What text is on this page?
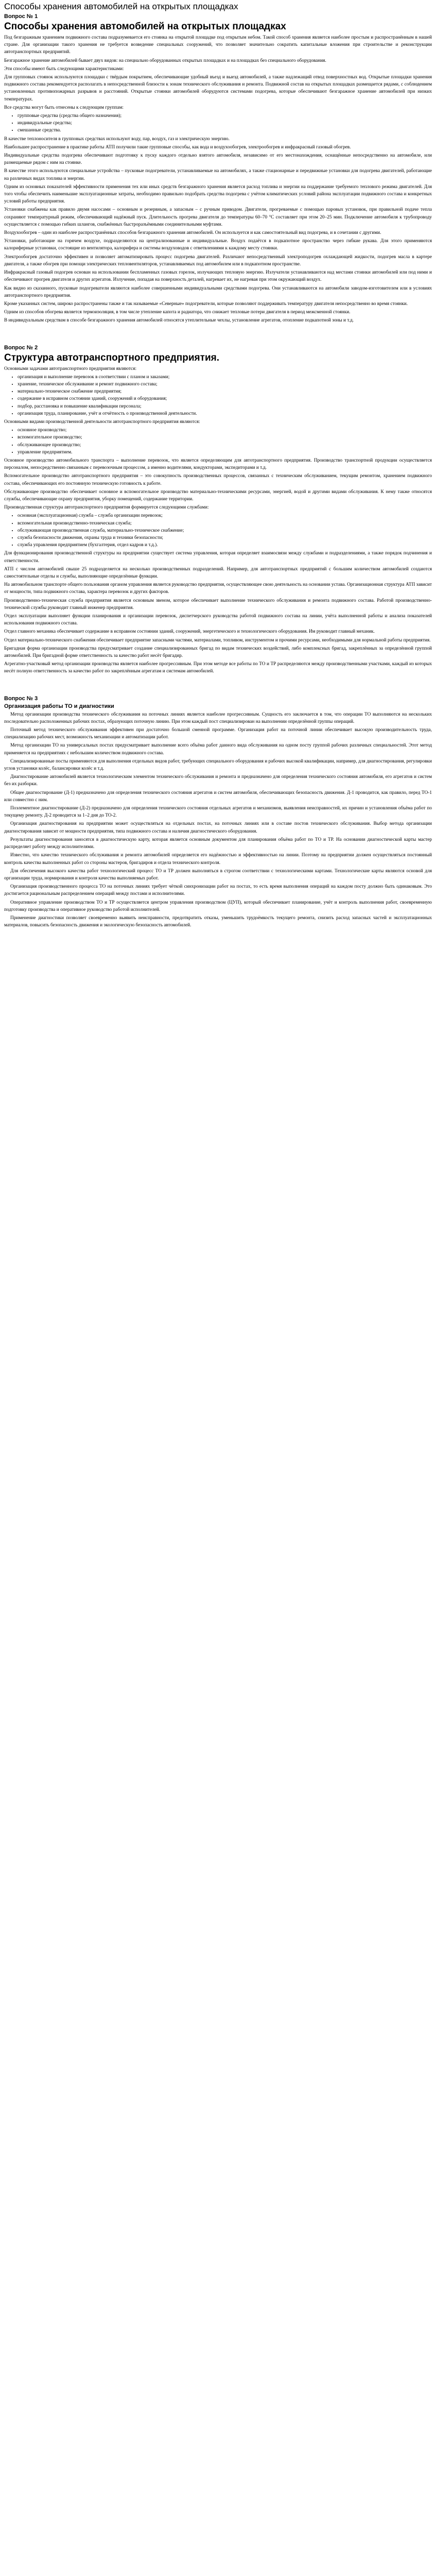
Способы хранения автомобилей на открытых площадках
Вопрос № 1
Способы хранения автомобилей на открытых площадках

Под безгаражным хранением подвижного состава подразумевается его стоянка на открытой площадке под открытым небом. Такой способ хранения является наиболее простым и распространённым в нашей стране. Для организации такого хранения не требуется возведение специальных сооружений, что позволяет значительно сократить капитальные вложения при строительстве и реконструкции автотранспортных предприятий.

Безгаражное хранение автомобилей бывает двух видов: на специально оборудованных открытых площадках и на площадках без специального оборудования.

Эти способы имеют быть следующими характеристиками:

Для групповых стоянок используются площадки с твёрдым покрытием, обеспечивающие удобный въезд и выезд автомобилей, а также надлежащий отвод поверхностных вод. Открытые площадки хранения подвижного состава рекомендуется располагать в непосредственной близости к зонам технического обслуживания и ремонта. Подвижной состав на открытых площадках размещается рядами, с соблюдением установленных противопожарных разрывов и расстояний. Открытые стоянки автомобилей оборудуются системами подогрева, которые обеспечивают безгаражное хранение автомобилей при низких температурах.

Все средства могут быть отнесены к следующим группам:

• групповые средства (средства общего назначения);
• индивидуальные средства;
• смешанные средства.

В качестве теплоносителя в групповых средствах используют воду, пар, воздух, газ и электрическую энергию.

Наибольшее распространение в практике работы АТП получили такие групповые способы, как вода и воздухообогрев, электрообогрев и инфракрасный газовый обогрев.

Индивидуальные средства подогрева обеспечивают подготовку к пуску каждого отдельно взятого автомобиля, независимо от его местонахождения, оснащённые непосредственно на автомобиле, или размещаемые рядом с ним на стоянке.

В качестве этого используются специальные устройства – пусковые подогреватели, устанавливаемые на автомобилях, а также стационарные и передвижные установки для подогрева двигателей, работающие на различных видах топлива и энергии.

Одним из основных показателей эффективности применения тех или иных средств безгаражного хранения является расход топлива и энергии на поддержание требуемого теплового режима двигателей. Для того чтобы обеспечить наименьшие эксплуатационные затраты, необходимо правильно подобрать средства подогрева с учётом климатических условий района эксплуатации подвижного состава и конкретных условий работы предприятия.

Установки снабжены как правило двумя насосами – основным и резервным, а запасным – с ручным приводом. Двигатели, прогреваемые с помощью паровых установок, при правильной подаче тепла сохраняют температурный режим, обеспечивающий надёжный пуск. Длительность прогрева двигателя до температуры 60–70 °С составляет при этом 20–25 мин. Подключение автомобиля к трубопроводу осуществляется с помощью гибких шлангов, снабжённых быстроразъёмными соединительными муфтами.

Воздухообогрев – один из наиболее распространённых способов безгаражного хранения автомобилей. Он используется и как самостоятельный вид подогрева, и в сочетании с другими.

Установки, работающие на горячем воздухе, подразделяются на централизованные и индивидуальные. Воздух подаётся в подкапотное пространство через гибкие рукава. Для этого применяются калориферные установки, состоящие из вентилятора, калорифера и системы воздуховодов с ответвлениями к каждому месту стоянки.

Электрообогрев достаточно эффективен и позволяет автоматизировать процесс подогрева двигателей. Различают непосредственный электроподогрев охлаждающей жидкости, подогрев масла в картере двигателя, а также обогрев при помощи электрических тепловентиляторов, устанавливаемых под автомобилем или в подкапотном пространстве.

Инфракрасный газовый подогрев основан на использовании беспламенных газовых горелок, излучающих тепловую энергию. Излучатели устанавливаются над местами стоянки автомобилей или под ними и обеспечивают прогрев двигателя и других агрегатов. Излучение, попадая на поверхность деталей, нагревает их, не нагревая при этом окружающий воздух.

Как видно из сказанного, пусковые подогреватели являются наиболее совершенными индивидуальными средствами подогрева. Они устанавливаются на автомобили заводом-изготовителем или в условиях автотранспортного предприятия.

Кроме указанных систем, широко распространены также и так называемые «Северные» подогреватели, которые позволяют поддерживать температуру двигателя непосредственно во время стоянки.

Одним из способов обогрева является термоизоляция, в том числе утепление капота и радиатора, что снижает тепловые потери двигателя в период межсменной стоянки.

В индивидуальным средствам в способе безгаражного хранения автомобилей относятся утеплительные чехлы, установление агрегатов, отопление подкапотной зоны и т.д.

Вопрос № 2
Структура автотранспортного предприятия.

Основными задачами автотранспортного предприятия являются:

• организация и выполнение перевозок в соответствии с планом и заказами;
• хранение, техническое обслуживание и ремонт подвижного состава;
• материально-техническое снабжение предприятия;
• содержание в исправном состоянии зданий, сооружений и оборудования;
• подбор, расстановка и повышение квалификации персонала;
• организация труда, планирование, учёт и отчётность о производственной деятельности.

Основными видами производственной деятельности автотранспортного предприятия являются:

• основное производство;
• вспомогательное производство;
• обслуживающее производство;
• управление предприятием.

Основное производство автомобильного транспорта – выполнение перевозок, что является определяющим для автотранспортного предприятия. Производство транспортной продукции осуществляется персоналом, непосредственно связанным с перевозочным процессом, а именно водителями, кондукторами, экспедиторами и т.д.

Вспомогательное производство автотранспортного предприятия – это совокупность производственных процессов, связанных с техническим обслуживанием, текущим ремонтом, хранением подвижного состава, обеспечивающих его постоянную техническую готовность к работе.

Обслуживающее производство обеспечивает основное и вспомогательное производство материально-техническими ресурсами, энергией, водой и другими видами обслуживания. К нему также относятся службы, обеспечивающие охрану предприятия, уборку помещений, содержание территории.

Производственная структура автотранспортного предприятия формируется следующими службами:

• основная (эксплуатационная) служба – служба организации перевозок;
• вспомогательная производственно-техническая служба;
• обслуживающая производственная служба, материально-техническое снабжение;
• служба безопасности движения, охраны труда и техники безопасности;
• служба управления предприятием (бухгалтерия, отдел кадров и т.д.).

Для функционирования производственной структуры на предприятии существует система управления, которая определяет взаимосвязи между службами и подразделениями, а также порядок подчинения и ответственности.

АТП с числом автомобилей свыше 25 подразделяется на несколько производственных подразделений. Например, для автотранспортных предприятий с большим количеством автомобилей создаются самостоятельные отделы и службы, выполняющие определённые функции.

На автомобильном транспорте общего пользования органом управления является руководство предприятия, осуществляющее свою деятельность на основании устава. Организационная структура АТП зависит от мощности, типа подвижного состава, характера перевозок и других факторов.

Производственно-техническая служба предприятия является основным звеном, которое обеспечивает выполнение технического обслуживания и ремонта подвижного состава. Работой производственно-технической службы руководит главный инженер предприятия.

Отдел эксплуатации выполняет функции планирования и организации перевозок, диспетчерского руководства работой подвижного состава на линии, учёта выполненной работы и анализа показателей использования подвижного состава.

Отдел главного механика обеспечивает содержание в исправном состоянии зданий, сооружений, энергетического и технологического оборудования. Им руководит главный механик.

Отдел материально-технического снабжения обеспечивает предприятие запасными частями, материалами, топливом, инструментом и прочими ресурсами, необходимыми для нормальной работы предприятия.

Бригадная форма организации производства предусматривает создание специализированных бригад по видам технических воздействий, либо комплексных бригад, закреплённых за определённой группой автомобилей. При бригадной форме ответственность за качество работ несёт бригадир.

Агрегатно-участковый метод организации производства является наиболее прогрессивным. При этом методе все работы по ТО и ТР распределяются между производственными участками, каждый из которых несёт полную ответственность за качество работ по закреплённым агрегатам и системам автомобилей.

Вопрос № 3
Организация работы ТО и диагностики

Метод организации производства технического обслуживания на поточных линиях является наиболее прогрессивным. Сущность его заключается в том, что операции ТО выполняются на нескольких последовательно расположенных рабочих постах, образующих поточную линию. При этом каждый пост специализирован на выполнении определённой группы операций.

Поточный метод технического обслуживания эффективен при достаточно большой сменной программе. Организация работ на поточной линии обеспечивает высокую производительность труда, специализацию рабочих мест, возможность механизации и автоматизации работ.

Метод организации ТО на универсальных постах предусматривает выполнение всего объёма работ данного вида обслуживания на одном посту группой рабочих различных специальностей. Этот метод применяется на предприятиях с небольшим количеством подвижного состава.

Специализированные посты применяются для выполнения отдельных видов работ, требующих специального оборудования и рабочих высокой квалификации, например, для диагностирования, регулировки углов установки колёс, балансировки колёс и т.д.

Диагностирование автомобилей является технологическим элементом технического обслуживания и ремонта и предназначено для определения технического состояния автомобиля, его агрегатов и систем без их разборки.

Общее диагностирование (Д-1) предназначено для определения технического состояния агрегатов и систем автомобиля, обеспечивающих безопасность движения. Д-1 проводится, как правило, перед ТО-1 или совместно с ним.

Поэлементное диагностирование (Д-2) предназначено для определения технического состояния отдельных агрегатов и механизмов, выявления неисправностей, их причин и установления объёма работ по текущему ремонту. Д-2 проводится за 1–2 дня до ТО-2.

Организация диагностирования на предприятии может осуществляться на отдельных постах, на поточных линиях или в составе постов технического обслуживания. Выбор метода организации диагностирования зависит от мощности предприятия, типа подвижного состава и наличия диагностического оборудования.

Результаты диагностирования заносятся в диагностическую карту, которая является основным документом для планирования объёма работ по ТО и ТР. На основании диагностической карты мастер распределяет работу между исполнителями.

Известно, что качество технического обслуживания и ремонта автомобилей определяется его надёжностью и эффективностью на линии. Поэтому на предприятии должен осуществляться постоянный контроль качества выполненных работ со стороны мастеров, бригадиров и отдела технического контроля.

Для обеспечения высокого качества работ технологический процесс ТО и ТР должен выполняться в строгом соответствии с технологическими картами. Технологические карты являются основой для организации труда, нормирования и контроля качества выполняемых работ.

Организация производственного процесса ТО на поточных линиях требует чёткой синхронизации работ на постах, то есть время выполнения операций на каждом посту должно быть одинаковым. Это достигается рациональным распределением операций между постами и исполнителями.

Оперативное управление производством ТО и ТР осуществляется центром управления производством (ЦУП), который обеспечивает планирование, учёт и контроль выполнения работ, своевременную подготовку производства и оперативное руководство работой исполнителей.

Применение диагностики позволяет своевременно выявить неисправности, предотвратить отказы, уменьшить трудоёмкость текущего ремонта, снизить расход запасных частей и эксплуатационных материалов, повысить безопасность движения и экологическую безопасность автомобилей.
